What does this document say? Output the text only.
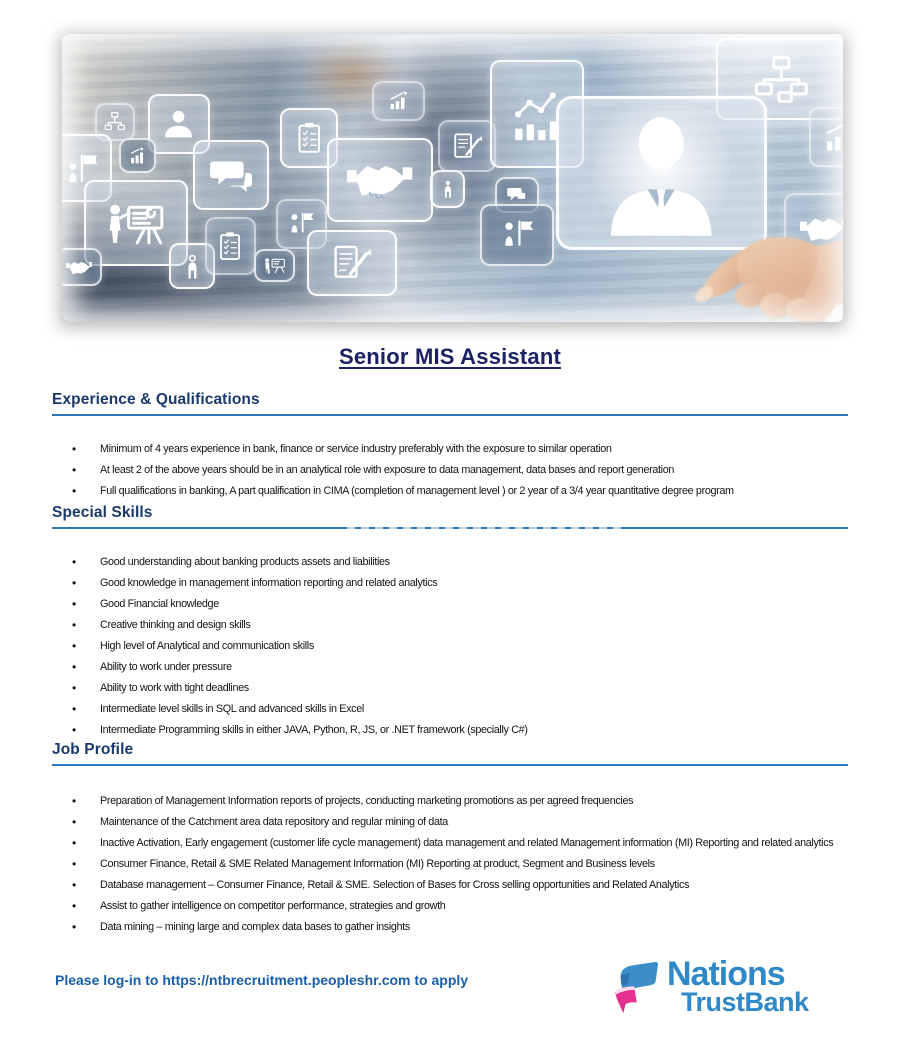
Senior MIS Assistant
Experience & Qualifications
• Minimum of 4 years experience in bank, finance or service industry preferably with the exposure to similar operation
• At least 2 of the above years should be in an analytical role with exposure to data management, data bases and report generation
• Full qualifications in banking, A part qualification in CIMA (completion of management level ) or 2 year of a 3/4 year quantitative degree program
Special Skills
• Good understanding about banking products assets and liabilities
• Good knowledge in management information reporting and related analytics
• Good Financial knowledge
• Creative thinking and design skills
• High level of Analytical and communication skills
• Ability to work under pressure
• Ability to work with tight deadlines
• Intermediate level skills in SQL and advanced skills in Excel
• Intermediate Programming skills in either JAVA, Python, R, JS, or .NET framework (specially C#)
Job Profile
• Preparation of Management Information reports of projects, conducting marketing promotions as per agreed frequencies
• Maintenance of the Catchment area data repository and regular mining of data
• Inactive Activation, Early engagement (customer life cycle management) data management and related Management information (MI) Reporting and related analytics
• Consumer Finance, Retail & SME Related Management Information (MI) Reporting at product, Segment and Business levels
• Database management – Consumer Finance, Retail & SME. Selection of Bases for Cross selling opportunities and Related Analytics
• Assist to gather intelligence on competitor performance, strategies and growth
• Data mining – mining large and complex data bases to gather insights
Please log-in to https://ntbrecruitment.peopleshr.com to apply	Nations
TrustBank
